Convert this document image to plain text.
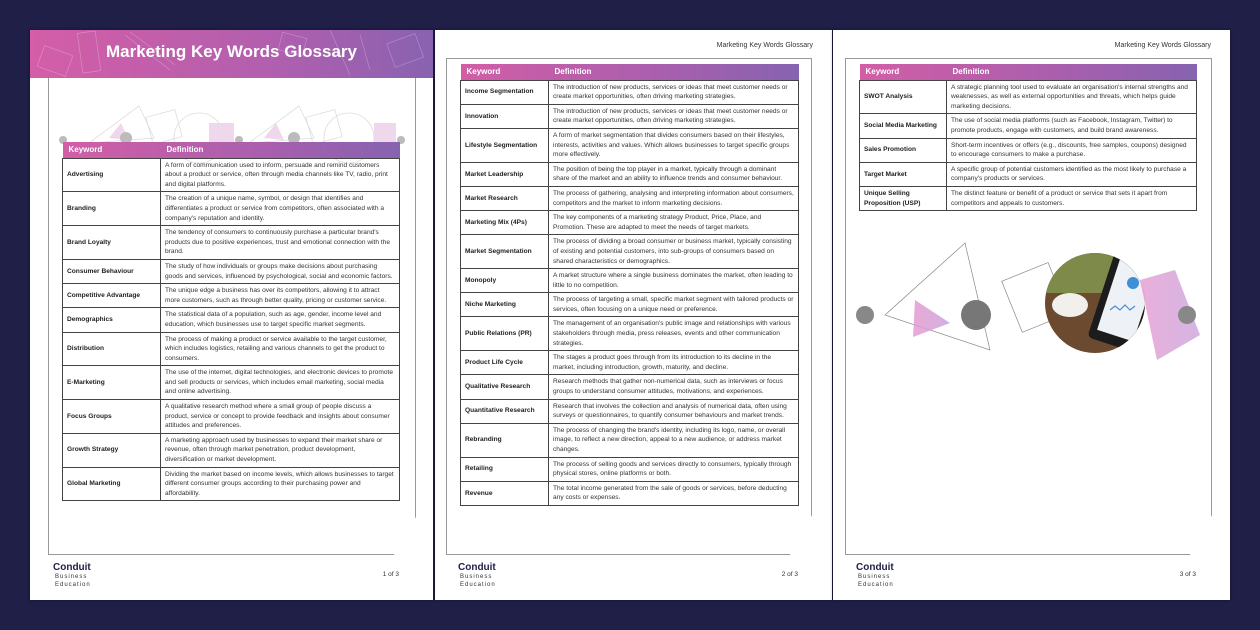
Marketing Key Words Glossary
Keyword	Definition
Advertising	A form of communication used to inform, persuade and remind customers about a product or service, often through media channels like TV, radio, print and digital platforms.
Branding	The creation of a unique name, symbol, or design that identifies and differentiates a product or service from competitors, often associated with a company's reputation and identity.
Brand Loyalty	The tendency of consumers to continuously purchase a particular brand's products due to positive experiences, trust and emotional connection with the brand.
Consumer Behaviour	The study of how individuals or groups make decisions about purchasing goods and services, influenced by psychological, social and economic factors.
Competitive Advantage	The unique edge a business has over its competitors, allowing it to attract more customers, such as through better quality, pricing or customer service.
Demographics	The statistical data of a population, such as age, gender, income level and education, which businesses use to target specific market segments.
Distribution	The process of making a product or service available to the target customer, which includes logistics, retailing and various channels to get the product to consumers.
E-Marketing	The use of the internet, digital technologies, and electronic devices to promote and sell products or services, which includes email marketing, social media and online advertising.
Focus Groups	A qualitative research method where a small group of people discuss a product, service or concept to provide feedback and insights about consumer attitudes and preferences.
Growth Strategy	A marketing approach used by businesses to expand their market share or revenue, often through market penetration, product development, diversification or market development.
Global Marketing	Dividing the market based on income levels, which allows businesses to target different consumer groups according to their purchasing power and affordability.
Conduit
Business
Education
1 of 3
Marketing Key Words Glossary
Keyword	Definition
Income Segmentation	The introduction of new products, services or ideas that meet customer needs or create market opportunities, often driving marketing strategies.
Innovation	The introduction of new products, services or ideas that meet customer needs or create market opportunities, often driving marketing strategies.
Lifestyle Segmentation	A form of market segmentation that divides consumers based on their lifestyles, interests, activities and values. Which allows businesses to target specific groups more effectively.
Market Leadership	The position of being the top player in a market, typically through a dominant share of the market and an ability to influence trends and consumer behaviour.
Market Research	The process of gathering, analysing and interpreting information about consumers, competitors and the market to inform marketing decisions.
Marketing Mix (4Ps)	The key components of a marketing strategy Product, Price, Place, and Promotion. These are adapted to meet the needs of target markets.
Market Segmentation	The process of dividing a broad consumer or business market, typically consisting of existing and potential customers, into sub-groups of consumers based on shared characteristics or demographics.
Monopoly	A market structure where a single business dominates the market, often leading to little to no competition.
Niche Marketing	The process of targeting a small, specific market segment with tailored products or services, often focusing on a unique need or preference.
Public Relations (PR)	The management of an organisation's public image and relationships with various stakeholders through media, press releases, events and other communication strategies.
Product Life Cycle	The stages a product goes through from its introduction to its decline in the market, including introduction, growth, maturity, and decline.
Qualitative Research	Research methods that gather non-numerical data, such as interviews or focus groups to understand consumer attitudes, motivations, and experiences.
Quantitative Research	Research that involves the collection and analysis of numerical data, often using surveys or questionnaires, to quantify consumer behaviours and market trends.
Rebranding	The process of changing the brand's identity, including its logo, name, or overall image, to reflect a new direction, appeal to a new audience, or address market changes.
Retailing	The process of selling goods and services directly to consumers, typically through physical stores, online platforms or both.
Revenue	The total income generated from the sale of goods or services, before deducting any costs or expenses.
Conduit
Business
Education
2 of 3
Marketing Key Words Glossary
Keyword	Definition
SWOT Analysis	A strategic planning tool used to evaluate an organisation's internal strengths and weaknesses, as well as external opportunities and threats, which helps guide marketing decisions.
Social Media Marketing	The use of social media platforms (such as Facebook, Instagram, Twitter) to promote products, engage with customers, and build brand awareness.
Sales Promotion	Short-term incentives or offers (e.g., discounts, free samples, coupons) designed to encourage consumers to make a purchase.
Target Market	A specific group of potential customers identified as the most likely to purchase a company's products or services.
Unique Selling Proposition (USP)	The distinct feature or benefit of a product or service that sets it apart from competitors and appeals to customers.
Conduit
Business
Education
3 of 3
